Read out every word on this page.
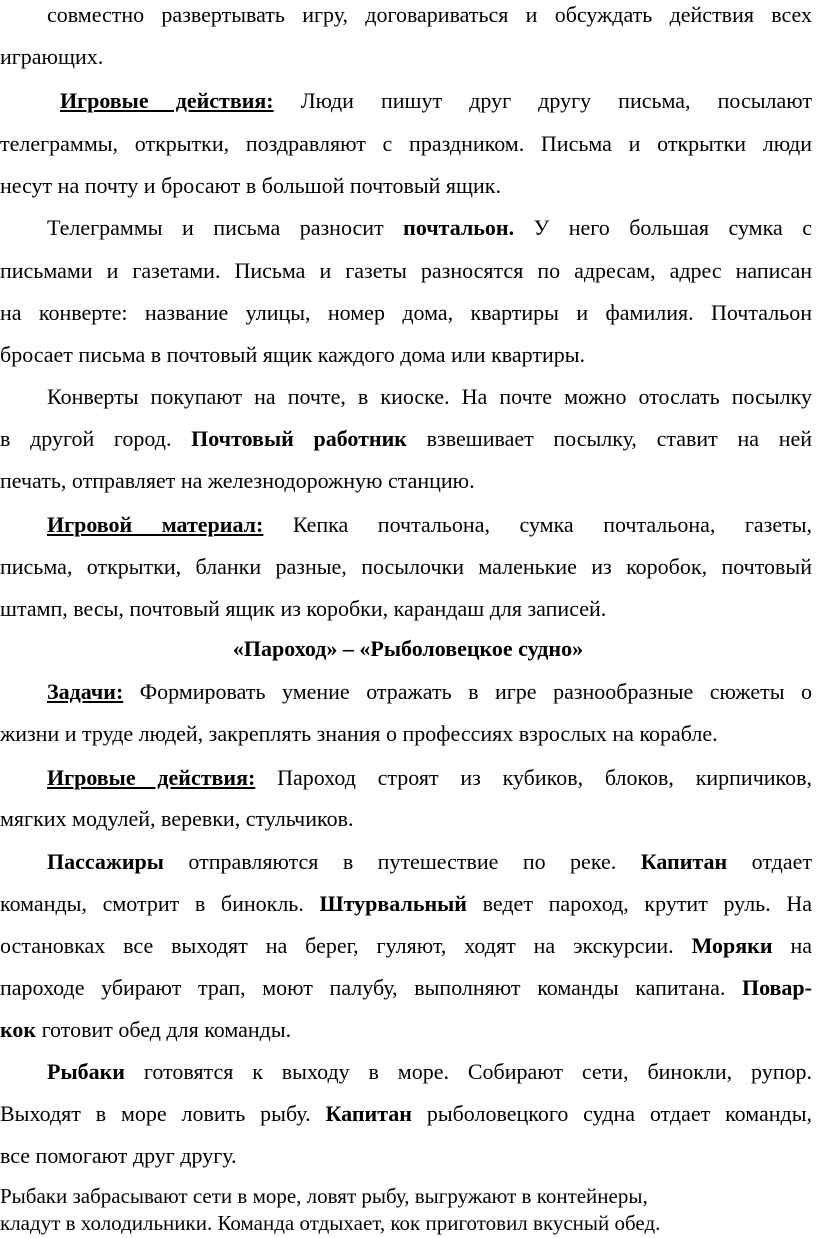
совместно развертывать игру, договариваться и обсуждать действия всех
играющих.
Игровые действия: Люди пишут друг другу письма, посылают
телеграммы, открытки, поздравляют с праздником. Письма и открытки люди
несут на почту и бросают в большой почтовый ящик.
Телеграммы и письма разносит почтальон. У него большая сумка с
письмами и газетами. Письма и газеты разносятся по адресам, адрес написан
на конверте: название улицы, номер дома, квартиры и фамилия. Почтальон
бросает письма в почтовый ящик каждого дома или квартиры.
Конверты покупают на почте, в киоске. На почте можно отослать посылку
в другой город. Почтовый работник взвешивает посылку, ставит на ней
печать, отправляет на железнодорожную станцию.
Игровой материал: Кепка почтальона, сумка почтальона, газеты,
письма, открытки, бланки разные, посылочки маленькие из коробок, почтовый
штамп, весы, почтовый ящик из коробки, карандаш для записей.
«Пароход» – «Рыболовецкое судно»
Задачи: Формировать умение отражать в игре разнообразные сюжеты о
жизни и труде людей, закреплять знания о профессиях взрослых на корабле.
Игровые действия: Пароход строят из кубиков, блоков, кирпичиков,
мягких модулей, веревки, стульчиков.
Пассажиры отправляются в путешествие по реке. Капитан отдает
команды, смотрит в бинокль. Штурвальный ведет пароход, крутит руль. На
остановках все выходят на берег, гуляют, ходят на экскурсии. Моряки на
пароходе убирают трап, моют палубу, выполняют команды капитана. Повар-
кок готовит обед для команды.
Рыбаки готовятся к выходу в море. Собирают сети, бинокли, рупор.
Выходят в море ловить рыбу. Капитан рыболовецкого судна отдает команды,
все помогают друг другу.
Рыбаки забрасывают сети в море, ловят рыбу, выгружают в контейнеры,
кладут в холодильники. Команда отдыхает, кок приготовил вкусный обед.
